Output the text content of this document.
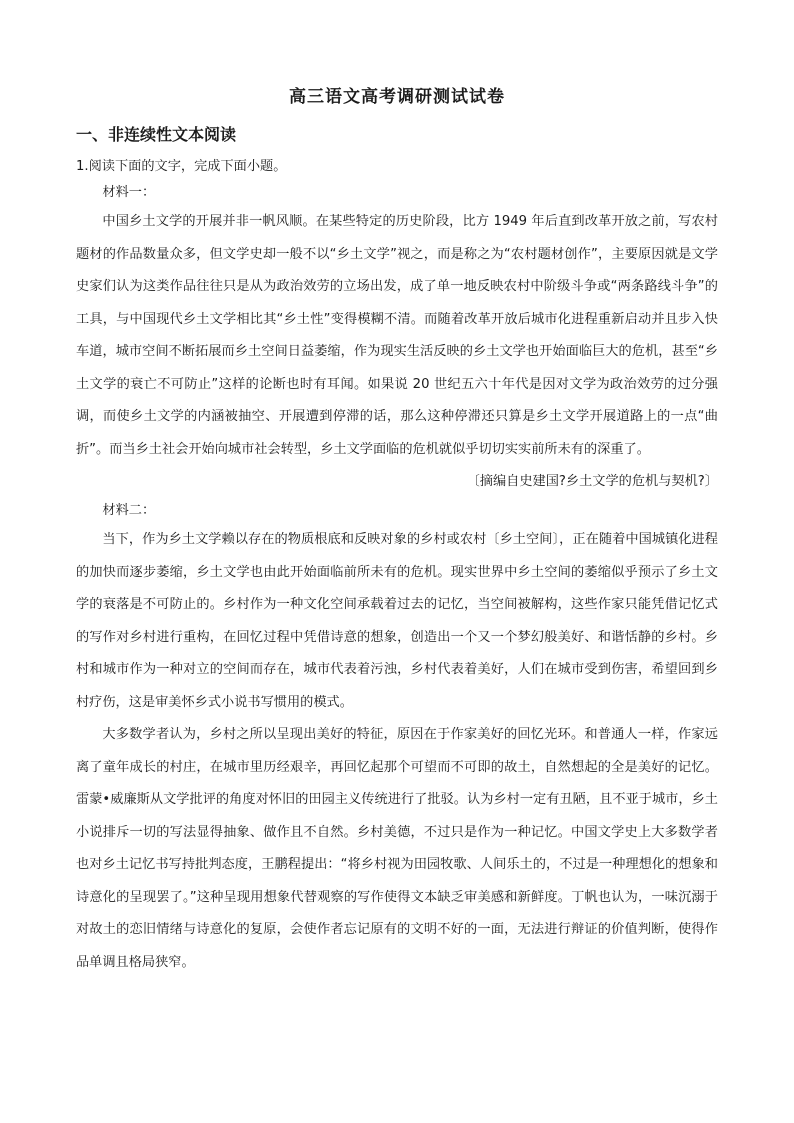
高三语文高考调研测试试卷
一、非连续性文本阅读

1.阅读下面的文字，完成下面小题。

材料一：

中国乡土文学的开展并非一帆风顺。在某些特定的历史阶段，比方 1949 年后直到改革开放之前，写农村题材的作品数量众多，但文学史却一般不以“乡土文学”视之，而是称之为“农村题材创作”，主要原因就是文学史家们认为这类作品往往只是从为政治效劳的立场出发，成了单一地反映农村中阶级斗争或“两条路线斗争”的工具，与中国现代乡土文学相比其“乡土性”变得模糊不清。而随着改革开放后城市化进程重新启动并且步入快车道，城市空间不断拓展而乡土空间日益萎缩，作为现实生活反映的乡土文学也开始面临巨大的危机，甚至“乡土文学的衰亡不可防止”这样的论断也时有耳闻。如果说 20 世纪五六十年代是因对文学为政治效劳的过分强调，而使乡土文学的内涵被抽空、开展遭到停滞的话，那么这种停滞还只算是乡土文学开展道路上的一点“曲折”。而当乡土社会开始向城市社会转型，乡土文学面临的危机就似乎切切实实前所未有的深重了。

〔摘编自史建国?乡土文学的危机与契机?〕

材料二：

当下，作为乡土文学赖以存在的物质根底和反映对象的乡村或农村〔乡土空间〕，正在随着中国城镇化进程的加快而逐步萎缩，乡土文学也由此开始面临前所未有的危机。现实世界中乡土空间的萎缩似乎预示了乡土文学的衰落是不可防止的。乡村作为一种文化空间承载着过去的记忆，当空间被解构，这些作家只能凭借记忆式的写作对乡村进行重构，在回忆过程中凭借诗意的想象，创造出一个又一个梦幻般美好、和谐恬静的乡村。乡村和城市作为一种对立的空间而存在，城市代表着污浊，乡村代表着美好，人们在城市受到伤害，希望回到乡村疗伤，这是审美怀乡式小说书写惯用的模式。

大多数学者认为，乡村之所以呈现出美好的特征，原因在于作家美好的回忆光环。和普通人一样，作家远离了童年成长的村庄，在城市里历经艰辛，再回忆起那个可望而不可即的故土，自然想起的全是美好的记忆。雷蒙•威廉斯从文学批评的角度对怀旧的田园主义传统进行了批驳。认为乡村一定有丑陋，且不亚于城市，乡土小说排斥一切的写法显得抽象、做作且不自然。乡村美德，不过只是作为一种记忆。中国文学史上大多数学者也对乡土记忆书写持批判态度，王鹏程提出：“将乡村视为田园牧歌、人间乐土的，不过是一种理想化的想象和诗意化的呈现罢了。”这种呈现用想象代替观察的写作使得文本缺乏审美感和新鲜度。丁帆也认为，一味沉溺于对故土的恋旧情绪与诗意化的复原，会使作者忘记原有的文明不好的一面，无法进行辩证的价值判断，使得作品单调且格局狭窄。
